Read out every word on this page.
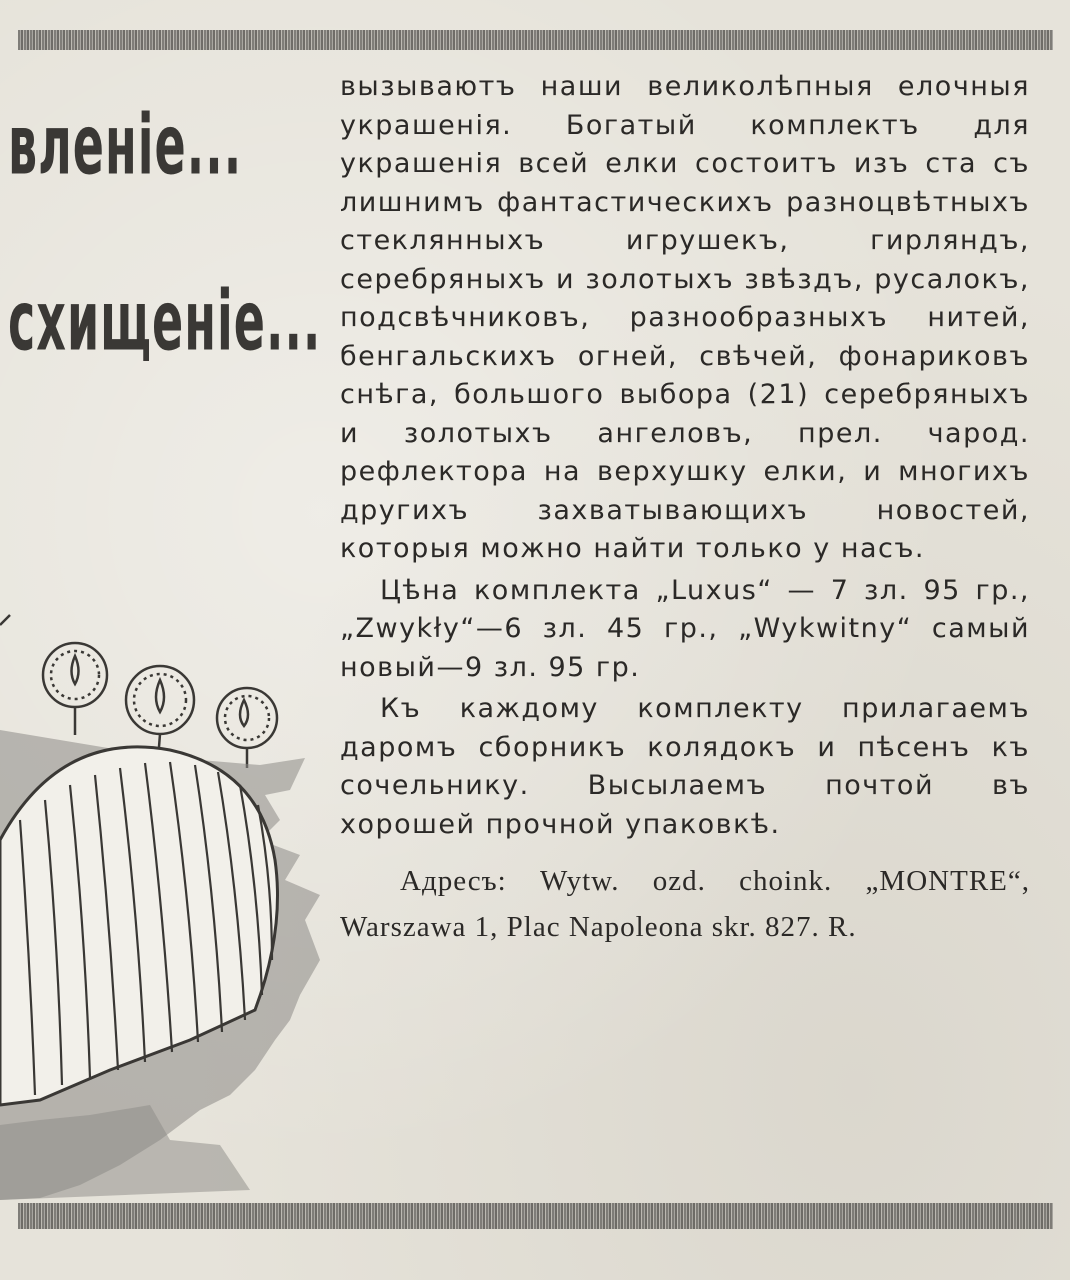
вленіе...
схищеніе...

вызываютъ наши великолѣпныя елочныя украшенія. Богатый комплектъ для украшенія всей елки состоитъ изъ ста съ лишнимъ фантастическихъ разноцвѣтныхъ стеклянныхъ игрушекъ, гирляндъ, серебряныхъ и золотыхъ звѣздъ, русалокъ, подсвѣчниковъ, разнообразныхъ нитей, бенгальскихъ огней, свѣчей, фонариковъ снѣга, большого выбора (21) серебряныхъ и золотыхъ ангеловъ, прел. чарод. рефлектора на верхушку елки, и многихъ другихъ захватывающихъ новостей, которыя можно найти только у насъ.

Цѣна комплекта „Luxus“ — 7 зл. 95 гр., „Zwykły“—6 зл. 45 гр., „Wykwitny“ самый новый—9 зл. 95 гр.

Къ каждому комплекту прилагаемъ даромъ сборникъ колядокъ и пѣсенъ къ сочельнику. Высылаемъ почтой въ хорошей прочной упаковкѣ.

Адресъ: Wytw. ozd. choink. „MONTRE“, Warszawa 1, Plac Napoleona skr. 827. R.
